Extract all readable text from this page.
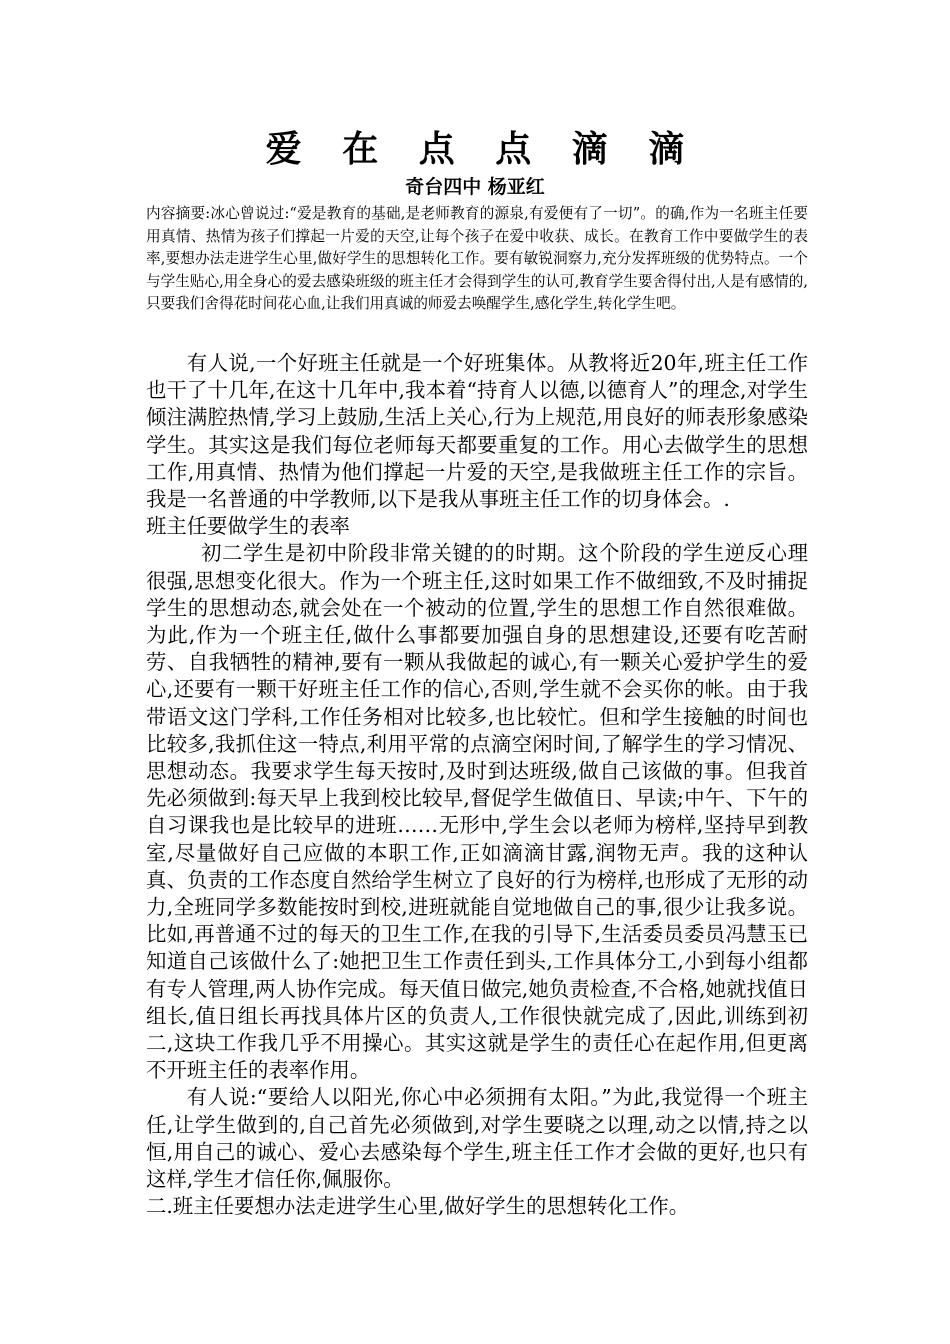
爱 在 点 点 滴 滴
奇台四中 杨亚红

内容摘要:冰心曾说过:“爱是教育的基础,是老师教育的源泉,有爱便有了一切”。的确,作为一名班主任要用真情、热情为孩子们撑起一片爱的天空,让每个孩子在爱中收获、成长。在教育工作中要做学生的表率,要想办法走进学生心里,做好学生的思想转化工作。要有敏锐洞察力,充分发挥班级的优势特点。一个与学生贴心,用全身心的爱去感染班级的班主任才会得到学生的认可,教育学生要舍得付出,人是有感情的,只要我们舍得花时间花心血,让我们用真诚的师爱去唤醒学生,感化学生,转化学生吧。

有人说,一个好班主任就是一个好班集体。从教将近20年,班主任工作也干了十几年,在这十几年中,我本着“持育人以德,以德育人”的理念,对学生倾注满腔热情,学习上鼓励,生活上关心,行为上规范,用良好的师表形象感染学生。其实这是我们每位老师每天都要重复的工作。用心去做学生的思想工作,用真情、热情为他们撑起一片爱的天空,是我做班主任工作的宗旨。我是一名普通的中学教师,以下是我从事班主任工作的切身体会。.

班主任要做学生的表率

初二学生是初中阶段非常关键的的时期。这个阶段的学生逆反心理很强,思想变化很大。作为一个班主任,这时如果工作不做细致,不及时捕捉学生的思想动态,就会处在一个被动的位置,学生的思想工作自然很难做。为此,作为一个班主任,做什么事都要加强自身的思想建设,还要有吃苦耐劳、自我牺牲的精神,要有一颗从我做起的诚心,有一颗关心爱护学生的爱心,还要有一颗干好班主任工作的信心,否则,学生就不会买你的帐。由于我带语文这门学科,工作任务相对比较多,也比较忙。但和学生接触的时间也比较多,我抓住这一特点,利用平常的点滴空闲时间,了解学生的学习情况、思想动态。我要求学生每天按时,及时到达班级,做自己该做的事。但我首先必须做到:每天早上我到校比较早,督促学生做值日、早读;中午、下午的自习课我也是比较早的进班……无形中,学生会以老师为榜样,坚持早到教室,尽量做好自己应做的本职工作,正如滴滴甘露,润物无声。我的这种认真、负责的工作态度自然给学生树立了良好的行为榜样,也形成了无形的动力,全班同学多数能按时到校,进班就能自觉地做自己的事,很少让我多说。比如,再普通不过的每天的卫生工作,在我的引导下,生活委员委员冯慧玉已知道自己该做什么了:她把卫生工作责任到头,工作具体分工,小到每小组都有专人管理,两人协作完成。每天值日做完,她负责检查,不合格,她就找值日组长,值日组长再找具体片区的负责人,工作很快就完成了,因此,训练到初二,这块工作我几乎不用操心。其实这就是学生的责任心在起作用,但更离不开班主任的表率作用。

有人说:“要给人以阳光,你心中必须拥有太阳。”为此,我觉得一个班主任,让学生做到的,自己首先必须做到,对学生要晓之以理,动之以情,持之以恒,用自己的诚心、爱心去感染每个学生,班主任工作才会做的更好,也只有这样,学生才信任你,佩服你。

二.班主任要想办法走进学生心里,做好学生的思想转化工作。
